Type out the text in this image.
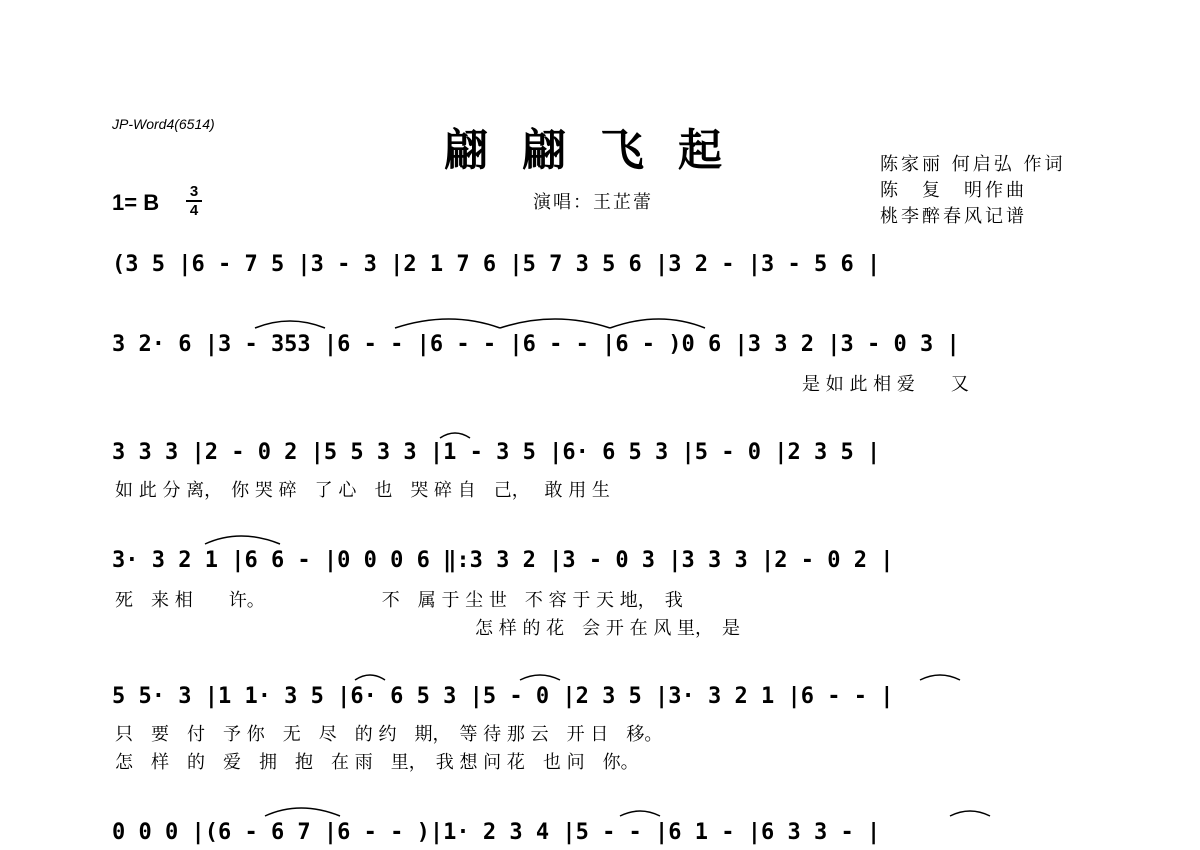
JP-Word4(6514)
翩翩飞起	陈家丽 何启弘 作词
陈　复　明作曲
桃李醉春风记谱
1= B 3
4	演唱：王芷蕾
(3 5 |6 - 7 5 |3 - 3 |2 1 7 6 |5 7 3 5 6 |3 2 - |3 - 5 6 |
3 2· 6 |3 - 353 |6 - - |6 - - |6 - - |6 - )0 6 |3 3 2 |3 - 0 3 |
是 如 此 相 爱　　又
3 3 3 |2 - 0 2 |5 5 3 3 |1 - 3 5 |6· 6 5 3 |5 - 0 |2 3 5 |
如 此 分 离，　你 哭 碎　了 心　也　哭 碎 自　己，　 敢 用 生
3· 3 2 1 |6 6 - |0 0 0 6 ‖:3 3 2 |3 - 0 3 |3 3 3 |2 - 0 2 |
死　来 相　　许。　　　　　　　不　属 于 尘 世　不 容 于 天 地，　我
　　　　　　　　　　　　　　　　　　　　怎 样 的 花　会 开 在 风 里，　是
5 5· 3 |1 1· 3 5 |6· 6 5 3 |5 - 0 |2 3 5 |3· 3 2 1 |6 - - |
只　要　付　予 你　无　尽　的 约　期，　等 待 那 云　开 日　移。
怎　样　的　爱　拥　抱　在 雨　里，　我 想 问 花　也 问　你。
0 0 0 |(6 - 6 7 |6 - - )|1· 2 3 4 |5 - - |6 1 - |6 3 3 - |
